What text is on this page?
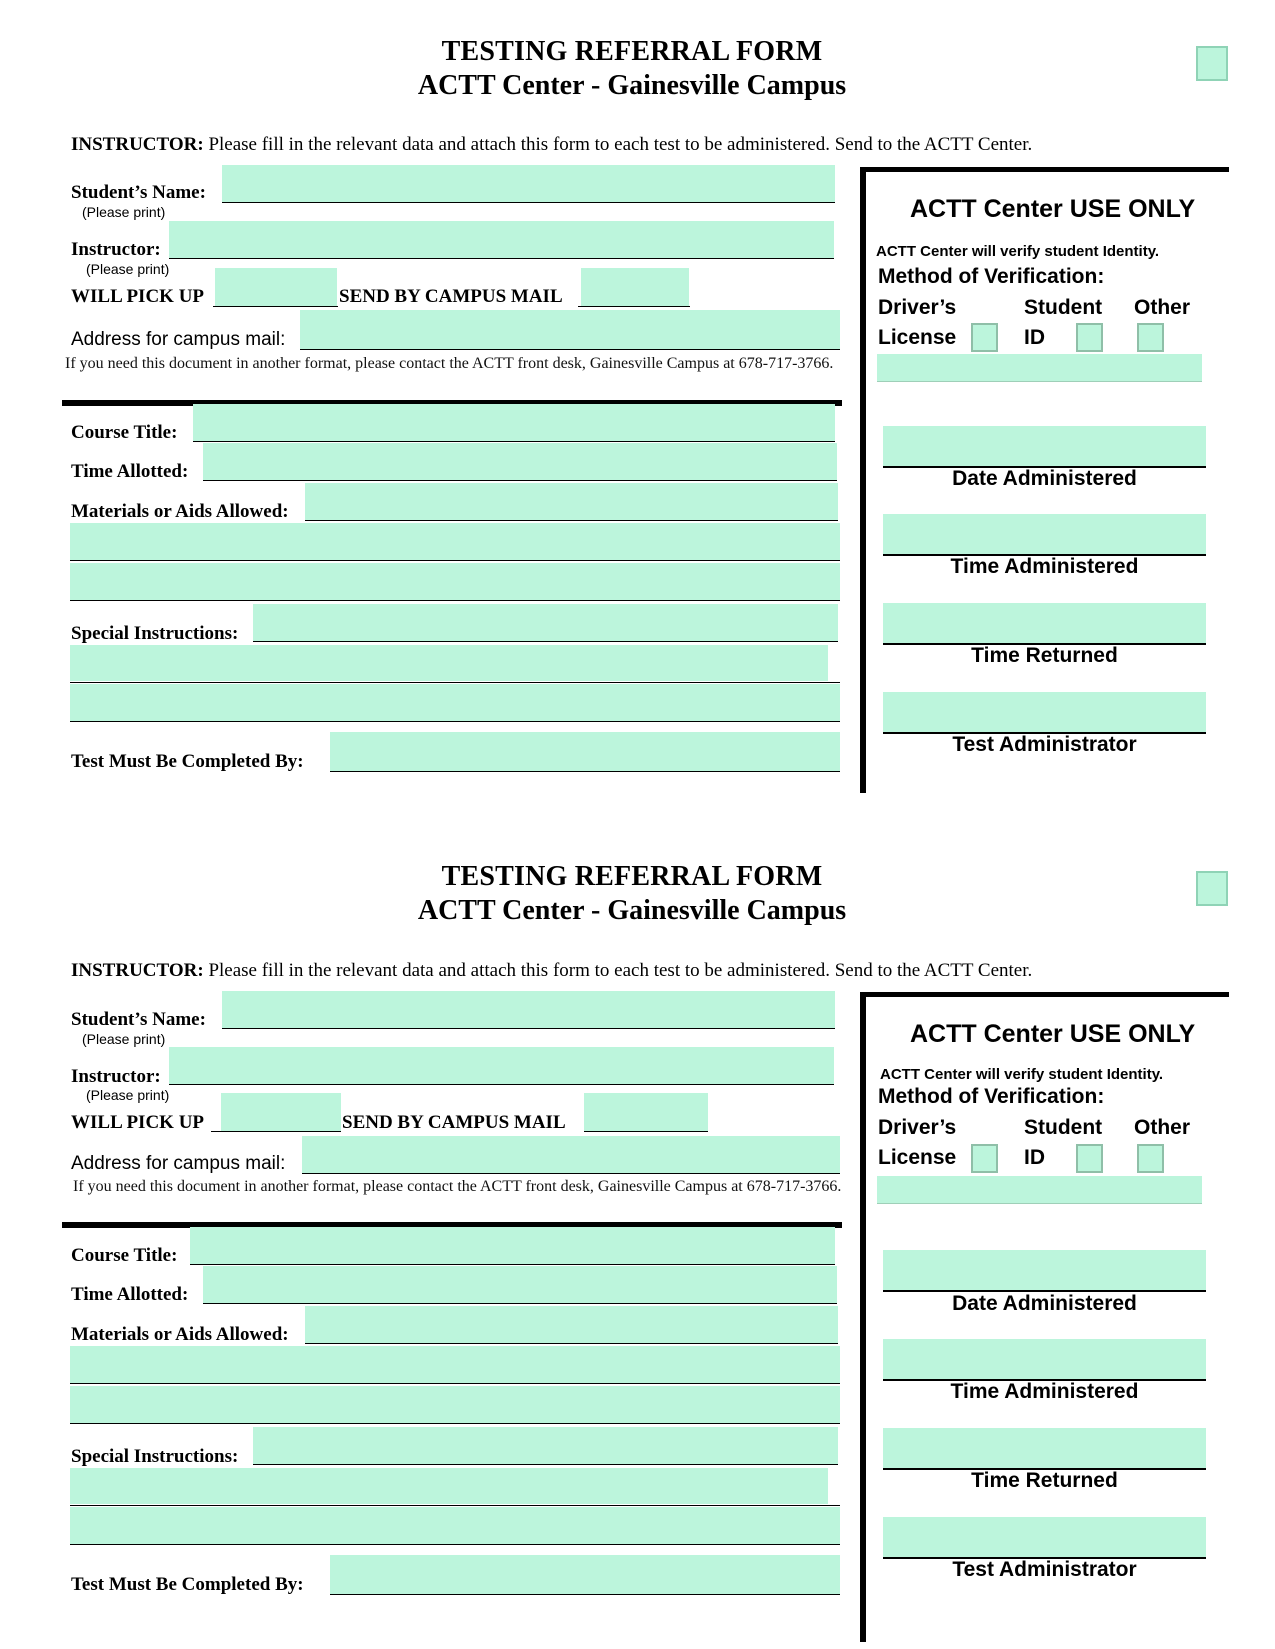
TESTING REFERRAL FORM
ACTT Center - Gainesville Campus
INSTRUCTOR: Please fill in the relevant data and attach this form to each test to be administered. Send to the ACTT Center.
Student’s Name:
(Please print)
Instructor:
(Please print)
WILL PICK UP	SEND BY CAMPUS MAIL
Address for campus mail:
If you need this document in another format, please contact the ACTT front desk, Gainesville Campus at 678-717-3766.
Course Title:
Time Allotted:
Materials or Aids Allowed:
Special Instructions:
Test Must Be Completed By:
ACTT Center USE ONLY
ACTT Center will verify student Identity.
Method of Verification:
Driver’s License
Student ID
Other
Date Administered
Time Administered
Time Returned
Test Administrator
TESTING REFERRAL FORM
ACTT Center - Gainesville Campus
INSTRUCTOR: Please fill in the relevant data and attach this form to each test to be administered. Send to the ACTT Center.
Student’s Name:
(Please print)
Instructor:
(Please print)
WILL PICK UP	SEND BY CAMPUS MAIL
Address for campus mail:
If you need this document in another format, please contact the ACTT front desk, Gainesville Campus at 678-717-3766.
Course Title:
Time Allotted:
Materials or Aids Allowed:
Special Instructions:
Test Must Be Completed By:
ACTT Center USE ONLY
ACTT Center will verify student Identity.
Method of Verification:
Driver’s License
Student ID
Other
Date Administered
Time Administered
Time Returned
Test Administrator
